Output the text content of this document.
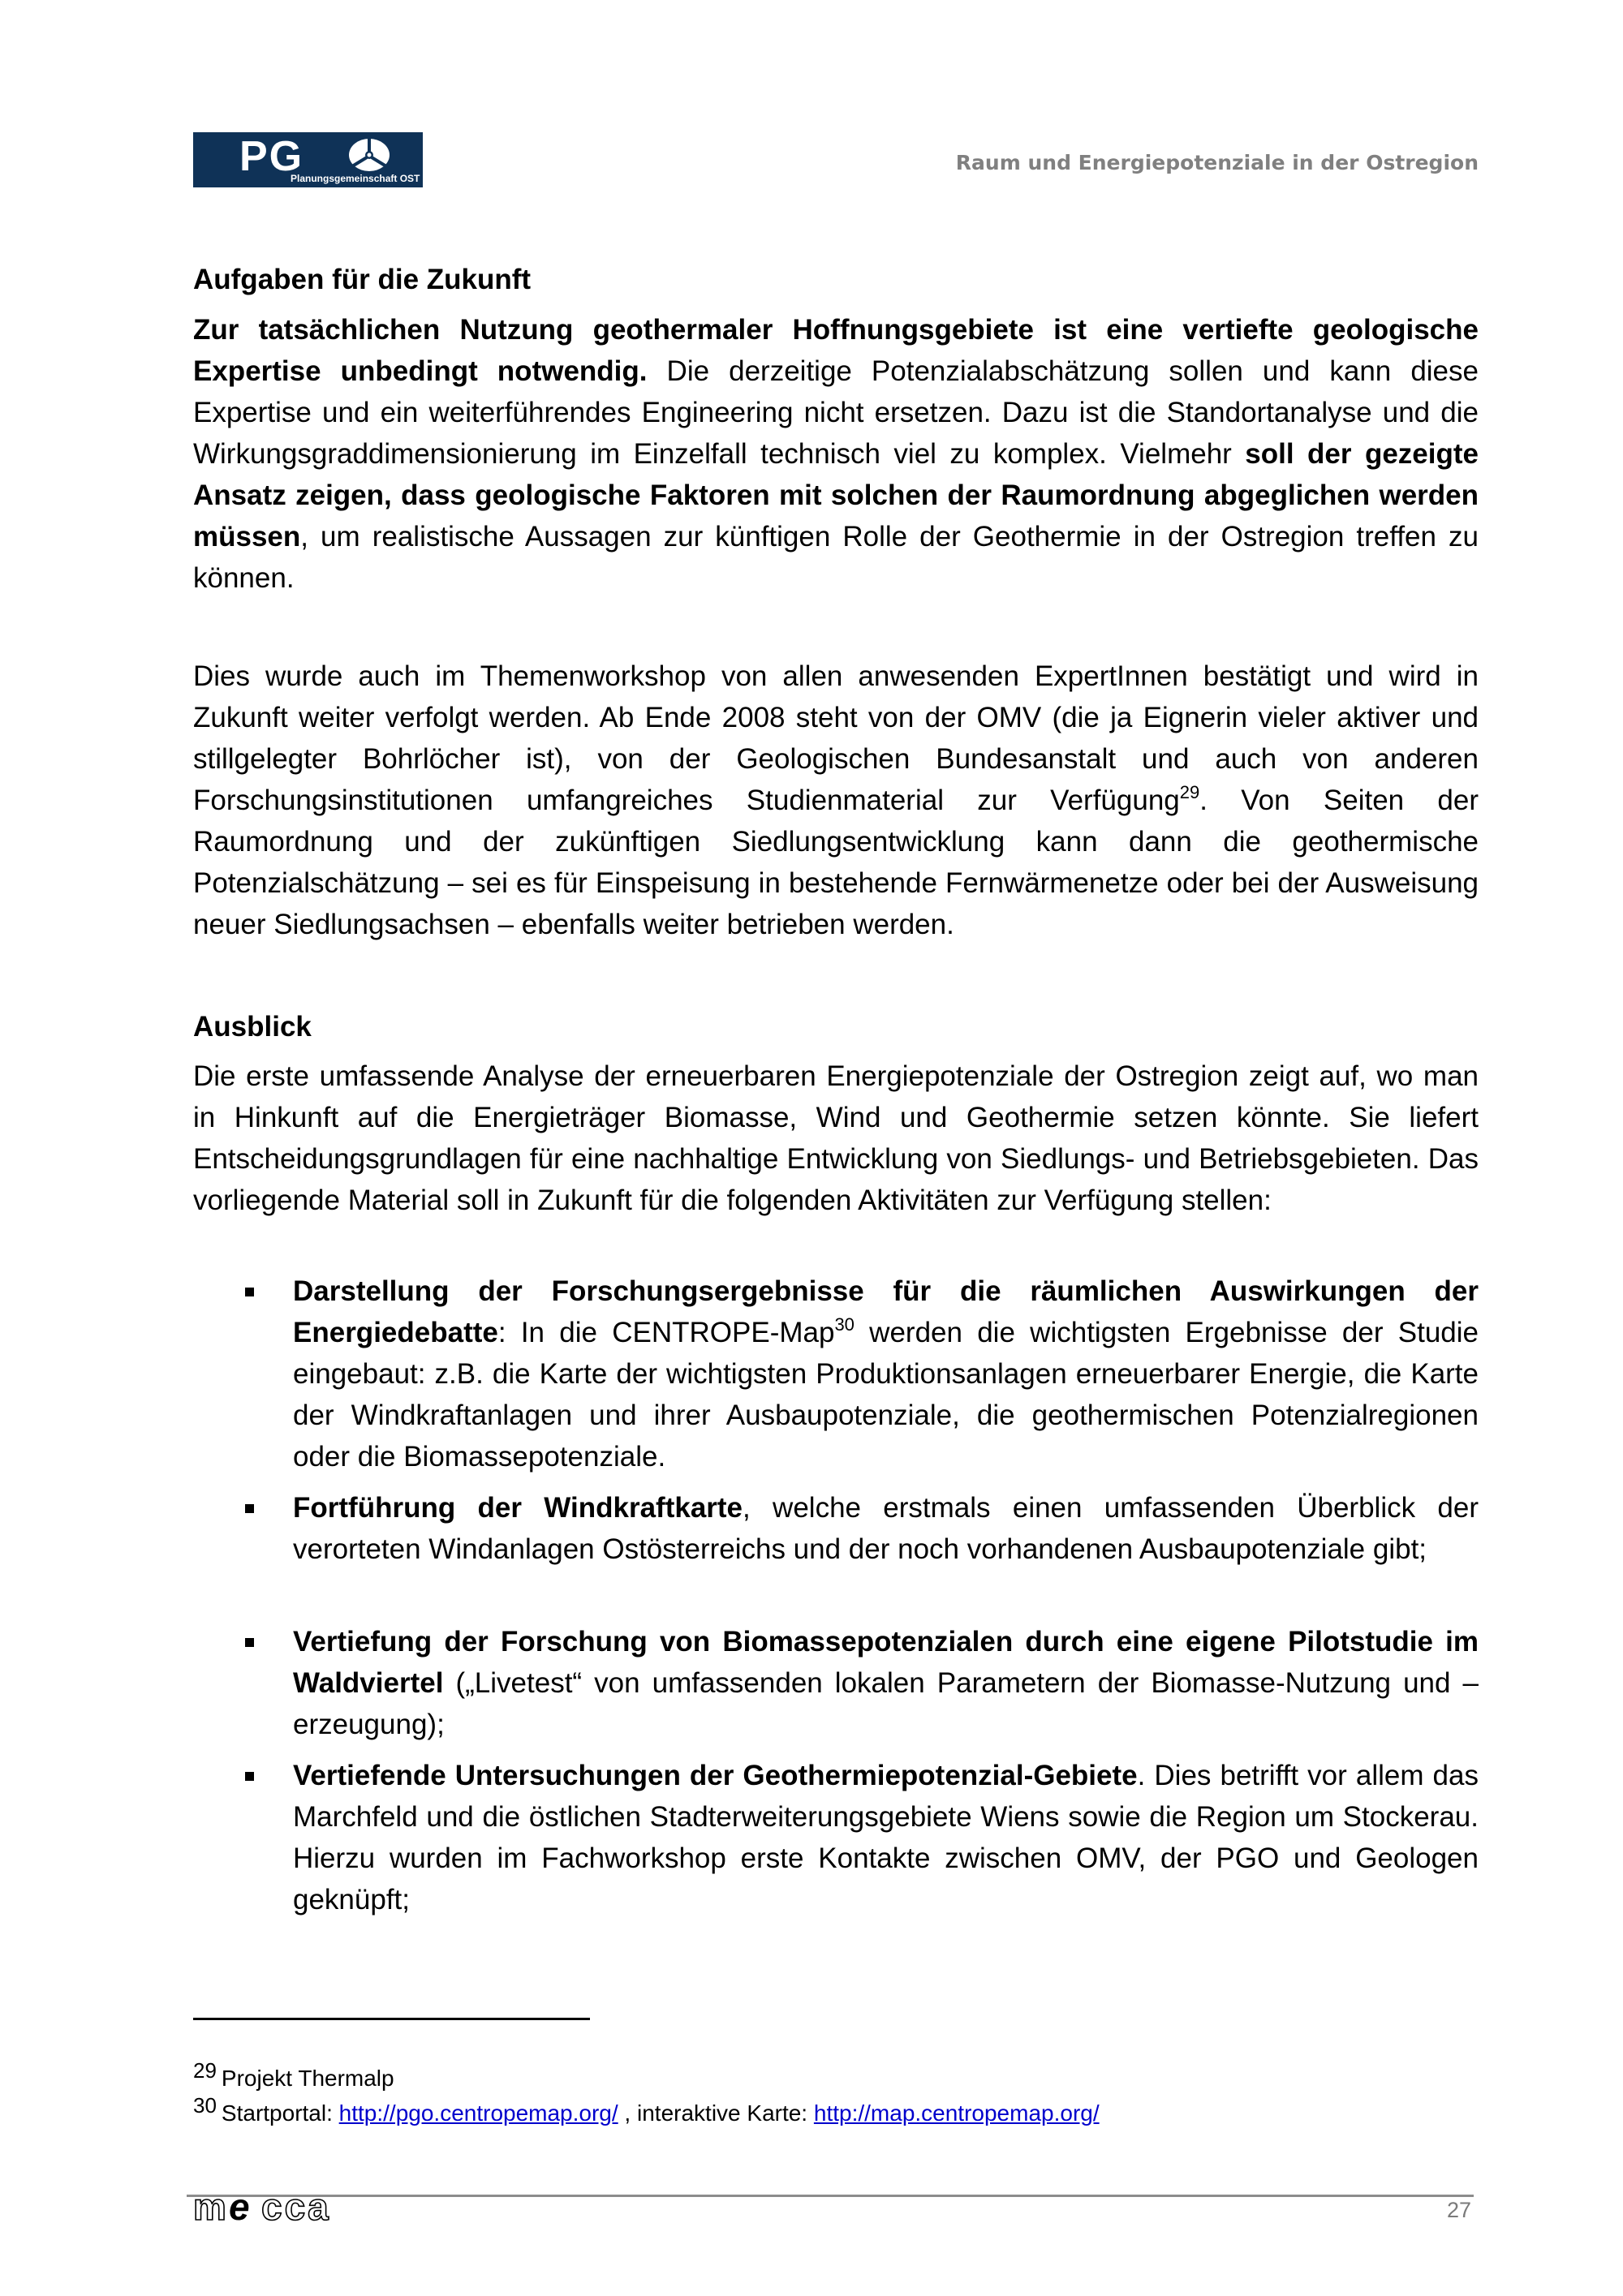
PG
Planungsgemeinschaft OST
Raum und Energiepotenziale in der Ostregion
Aufgaben für die Zukunft
Zur tatsächlichen Nutzung geothermaler Hoffnungsgebiete ist eine vertiefte geologische Expertise unbedingt notwendig. Die derzeitige Potenzialabschätzung sollen und kann diese Expertise und ein weiterführendes Engineering nicht ersetzen. Dazu ist die Standortanalyse und die Wirkungsgraddimensionierung im Einzelfall technisch viel zu komplex. Vielmehr soll der gezeigte Ansatz zeigen, dass geologische Faktoren mit solchen der Raumordnung abgeglichen werden müssen, um realistische Aussagen zur künftigen Rolle der Geothermie in der Ostregion treffen zu können.
Dies wurde auch im Themenworkshop von allen anwesenden ExpertInnen bestätigt und wird in Zukunft weiter verfolgt werden. Ab Ende 2008 steht von der OMV (die ja Eignerin vieler aktiver und stillgelegter Bohrlöcher ist), von der Geologischen Bundesanstalt und auch von anderen Forschungsinstitutionen umfangreiches Studienmaterial zur Verfügung$^{29}$. Von Seiten der Raumordnung und der zukünftigen Siedlungsentwicklung kann dann die geothermische Potenzialschätzung – sei es für Einspeisung in bestehende Fernwärmenetze oder bei der Ausweisung neuer Siedlungsachsen – ebenfalls weiter betrieben werden.
Ausblick
Die erste umfassende Analyse der erneuerbaren Energiepotenziale der Ostregion zeigt auf, wo man in Hinkunft auf die Energieträger Biomasse, Wind und Geothermie setzen könnte. Sie liefert Entscheidungsgrundlagen für eine nachhaltige Entwicklung von Siedlungs- und Betriebsgebieten. Das vorliegende Material soll in Zukunft für die folgenden Aktivitäten zur Verfügung stellen:
Darstellung der Forschungsergebnisse für die räumlichen Auswirkungen der Energiedebatte: In die CENTROPE-Map$^{30}$ werden die wichtigsten Ergebnisse der Studie eingebaut: z.B. die Karte der wichtigsten Produktionsanlagen erneuerbarer Energie, die Karte der Windkraftanlagen und ihrer Ausbaupotenziale, die geothermischen Potenzialregionen oder die Biomassepotenziale.
Fortführung der Windkraftkarte, welche erstmals einen umfassenden Überblick der verorteten Windanlagen Ostösterreichs und der noch vorhandenen Ausbaupotenziale gibt;
Vertiefung der Forschung von Biomassepotenzialen durch eine eigene Pilotstudie im Waldviertel („Livetest“ von umfassenden lokalen Parametern der Biomasse-Nutzung und –erzeugung);
Vertiefende Untersuchungen der Geothermiepotenzial-Gebiete. Dies betrifft vor allem das Marchfeld und die östlichen Stadterweiterungsgebiete Wiens sowie die Region um Stockerau. Hierzu wurden im Fachworkshop erste Kontakte zwischen OMV, der PGO und Geologen geknüpft;
29 Projekt Thermalp
30 Startportal: http://pgo.centropemap.org/ , interaktive Karte: http://map.centropemap.org/
m e cca	27
